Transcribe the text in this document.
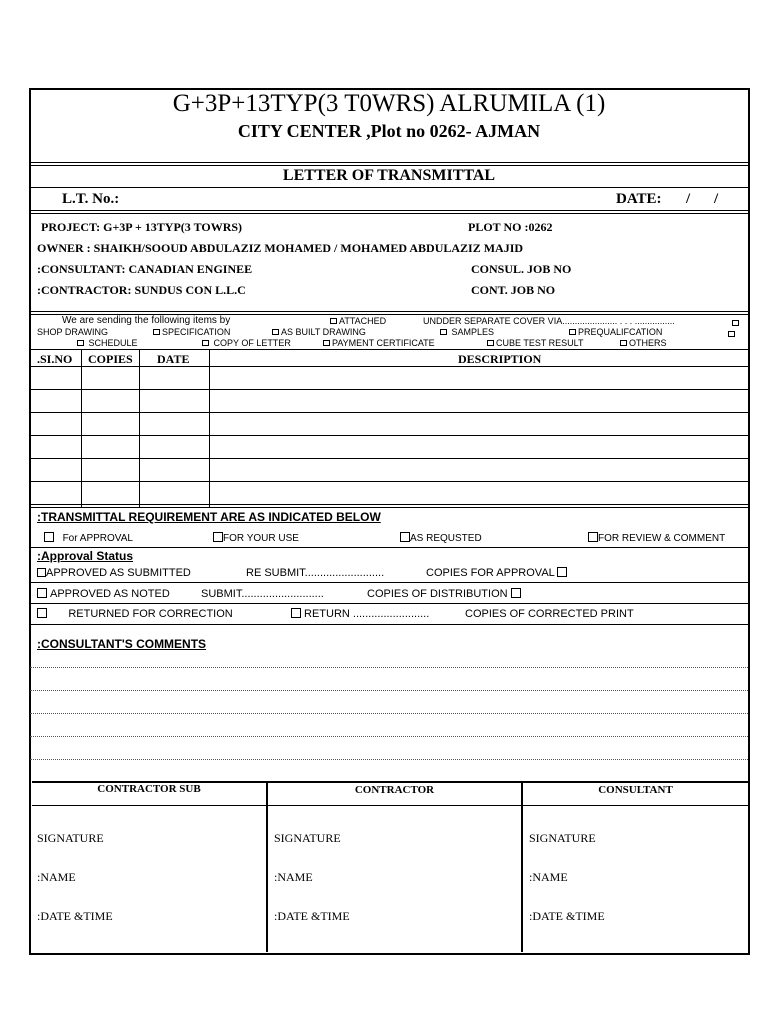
G+3P+13TYP(3 T0WRS) ALRUMILA (1)
CITY CENTER ,Plot no 0262- AJMAN
LETTER OF TRANSMITTAL
L.T. No.:	DATE: / /
PROJECT: G+3P + 13TYP(3 TOWRS)	PLOT NO :0262
OWNER : SHAIKH/SOOUD ABDULAZIZ MOHAMED / MOHAMED ABDULAZIZ MAJID
:CONSULTANT: CANADIAN ENGINEE	CONSUL. JOB NO
:CONTRACTOR: SUNDUS CON L.L.C	CONT. JOB NO
We are sending the following items by	ATTACHED	UNDDER SEPARATE COVER VIA...................... . . . ................
SHOP DRAWING	SPECIFICATION	AS BUILT DRAWING	SAMPLES	PREQUALIFCATION
SCHEDULE	COPY OF LETTER	PAYMENT CERTIFICATE	CUBE TEST RESULT	OTHERS
.SI.NO COPIES DATE	DESCRIPTION
:TRANSMITTAL REQUIREMENT ARE AS INDICATED BELOW
For APPROVAL	FOR YOUR USE	AS REQUSTED	FOR REVIEW & COMMENT
:Approval Status
APPROVED AS SUBMITTED	RE SUBMIT..........................	COPIES FOR APPROVAL
APPROVED AS NOTED	SUBMIT...........................	COPIES OF DISTRIBUTION
RETURNED FOR CORRECTION	RETURN .........................	COPIES OF CORRECTED PRINT
:CONSULTANT'S COMMENTS
CONTRACTOR SUB	CONTRACTOR	CONSULTANT
SIGNATURE	SIGNATURE	SIGNATURE
:NAME	:NAME	:NAME
:DATE &TIME	:DATE &TIME	:DATE &TIME
